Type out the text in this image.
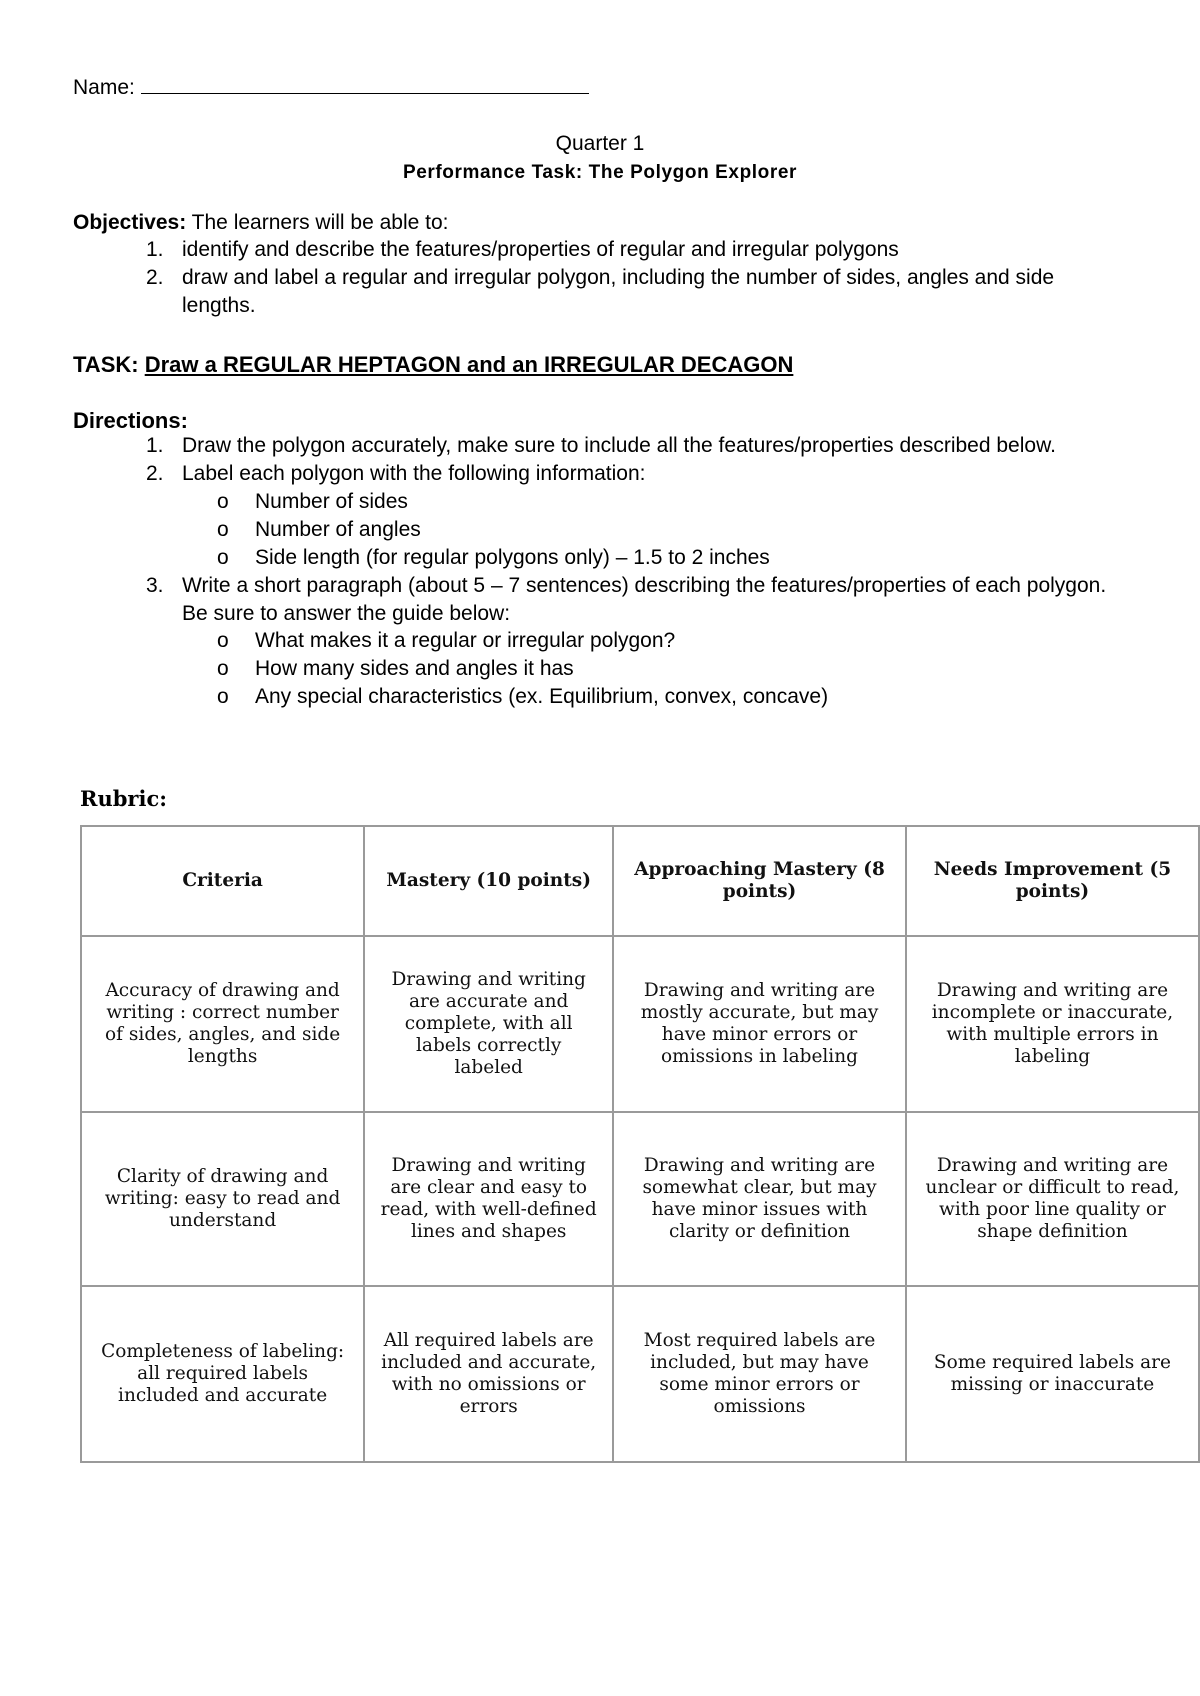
Name:
Quarter 1
Performance Task: The Polygon Explorer
Objectives: The learners will be able to:
1. identify and describe the features/properties of regular and irregular polygons
2. draw and label a regular and irregular polygon, including the number of sides, angles and side lengths.
TASK: Draw a REGULAR HEPTAGON and an IRREGULAR DECAGON
Directions:
1. Draw the polygon accurately, make sure to include all the features/properties described below.
2. Label each polygon with the following information:
o Number of sides
o Number of angles
o Side length (for regular polygons only) – 1.5 to 2 inches
3. Write a short paragraph (about 5 – 7 sentences) describing the features/properties of each polygon. Be sure to answer the guide below:
o What makes it a regular or irregular polygon?
o How many sides and angles it has
o Any special characteristics (ex. Equilibrium, convex, concave)
Rubric:
Criteria	Mastery (10 points)	Approaching Mastery (8 points)	Needs Improvement (5 points)
Accuracy of drawing and writing : correct number of sides, angles, and side lengths	Drawing and writing are accurate and complete, with all labels correctly labeled	Drawing and writing are mostly accurate, but may have minor errors or omissions in labeling	Drawing and writing are incomplete or inaccurate, with multiple errors in labeling
Clarity of drawing and writing: easy to read and understand	Drawing and writing are clear and easy to read, with well-defined lines and shapes	Drawing and writing are somewhat clear, but may have minor issues with clarity or definition	Drawing and writing are unclear or difficult to read, with poor line quality or shape definition
Completeness of labeling: all required labels included and accurate	All required labels are included and accurate, with no omissions or errors	Most required labels are included, but may have some minor errors or omissions	Some required labels are missing or inaccurate
